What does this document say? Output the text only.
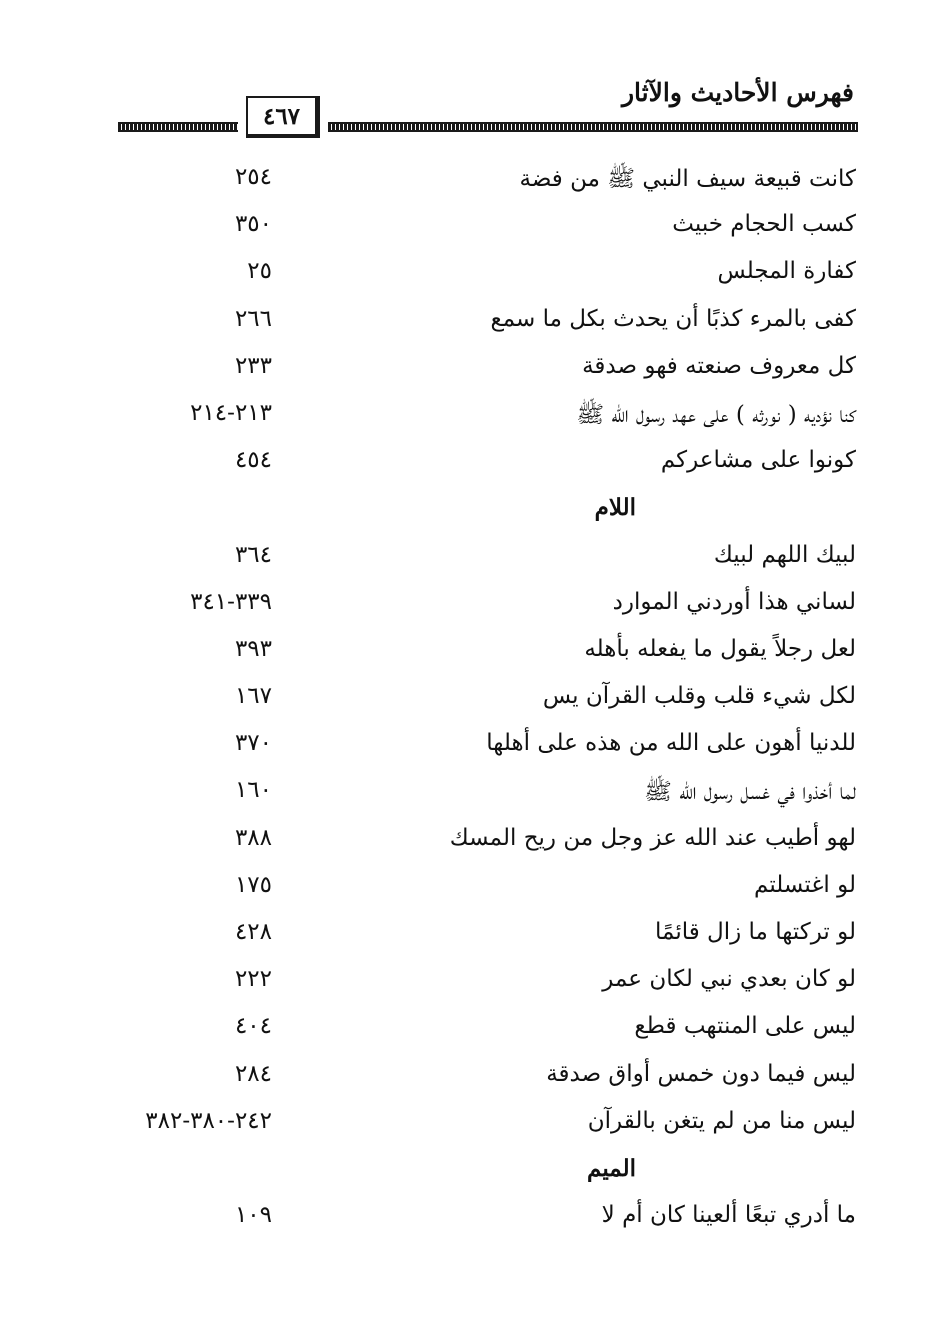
فهرس الأحاديث والآثار
٤٦٧
كانت قبيعة سيف النبي ﷺ من فضة
٢٥٤
كسب الحجام خبيث
٣٥٠
كفارة المجلس
٢٥
كفى بالمرء كذبًا أن يحدث بكل ما سمع
٢٦٦
كل معروف صنعته فهو صدقة
٢٣٣
كنا نؤديه ( نورثه ) على عهد رسول الله ﷺ
٢١٣-٢١٤
كونوا على مشاعركم
٤٥٤
اللام
لبيك اللهم لبيك
٣٦٤
لساني هذا أوردني الموارد
٣٣٩-٣٤١
لعل رجلاً يقول ما يفعله بأهله
٣٩٣
لكل شيء قلب وقلب القرآن يس
١٦٧
للدنيا أهون على الله من هذه على أهلها
٣٧٠
لما أخذوا في غسل رسول الله ﷺ
١٦٠
لهو أطيب عند الله عز وجل من ريح المسك
٣٨٨
لو اغتسلتم
١٧٥
لو تركتها ما زال قائمًا
٤٢٨
لو كان بعدي نبي لكان عمر
٢٢٢
ليس على المنتهب قطع
٤٠٤
ليس فيما دون خمس أواق صدقة
٢٨٤
ليس منا من لم يتغن بالقرآن
٢٤٢-٣٨٠-٣٨٢
الميم
ما أدري تبعًا ألعينا كان أم لا
١٠٩
